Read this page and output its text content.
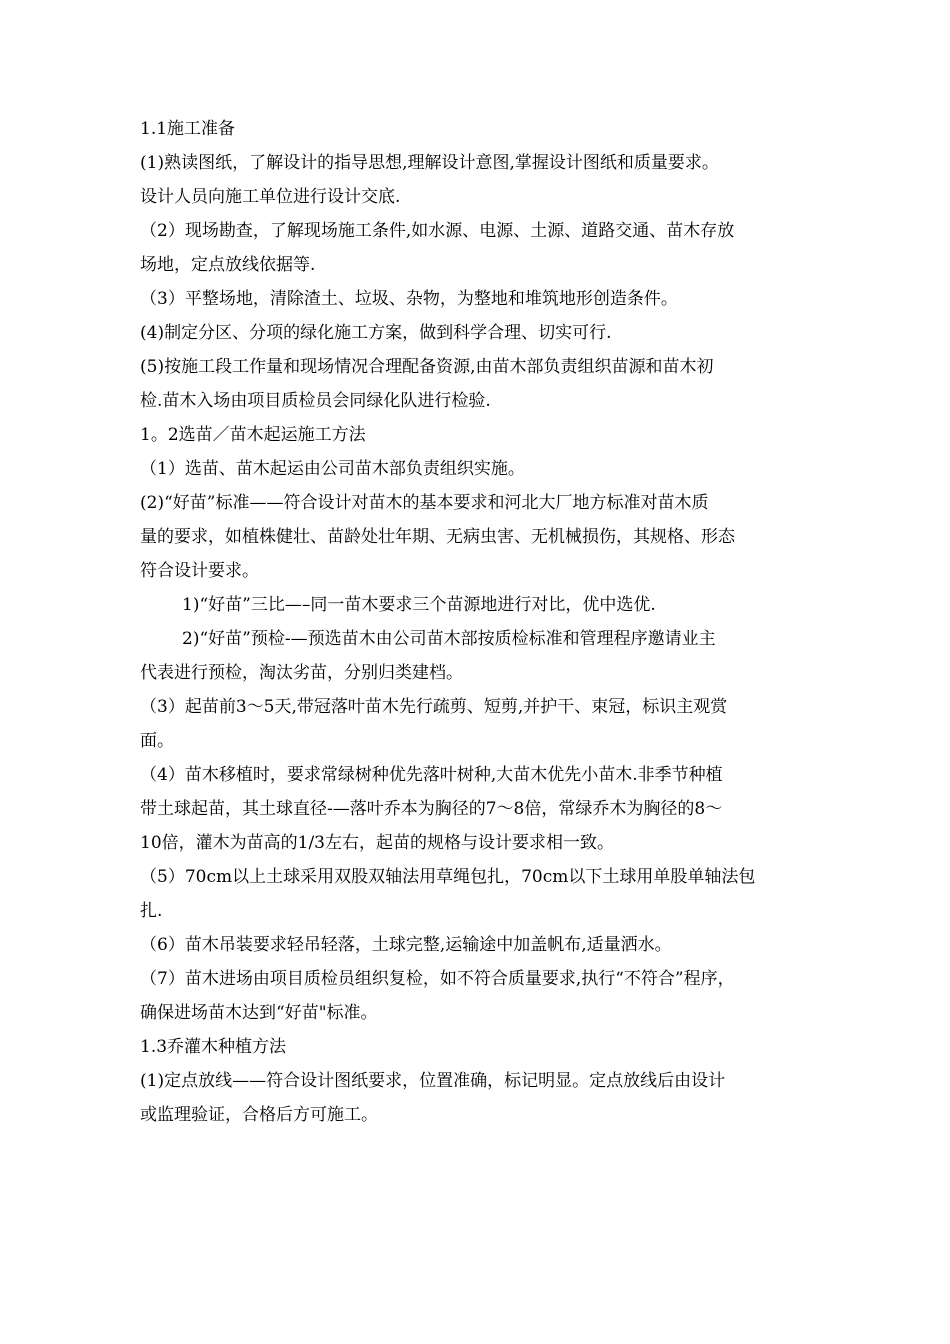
1.1施工准备
(1)熟读图纸，了解设计的指导思想,理解设计意图,掌握设计图纸和质量要求。
设计人员向施工单位进行设计交底.
（2）现场勘查，了解现场施工条件,如水源、电源、土源、道路交通、苗木存放
场地，定点放线依据等.
（3）平整场地，清除渣土、垃圾、杂物，为整地和堆筑地形创造条件。
(4)制定分区、分项的绿化施工方案，做到科学合理、切实可行.
(5)按施工段工作量和现场情况合理配备资源,由苗木部负责组织苗源和苗木初
检.苗木入场由项目质检员会同绿化队进行检验.
1。2选苗／苗木起运施工方法
（1）选苗、苗木起运由公司苗木部负责组织实施。
(2)“好苗”标准——符合设计对苗木的基本要求和河北大厂地方标准对苗木质
量的要求，如植株健壮、苗龄处壮年期、无病虫害、无机械损伤，其规格、形态
符合设计要求。
1)“好苗”三比—–同一苗木要求三个苗源地进行对比，优中选优.
2)“好苗”预检-—预选苗木由公司苗木部按质检标准和管理程序邀请业主
代表进行预检，淘汰劣苗，分别归类建档。
（3）起苗前3～5天,带冠落叶苗木先行疏剪、短剪,并护干、束冠，标识主观赏
面。
（4）苗木移植时，要求常绿树种优先落叶树种,大苗木优先小苗木.非季节种植
带土球起苗，其土球直径-—落叶乔本为胸径的7～8倍，常绿乔木为胸径的8～
10倍，灌木为苗高的1/3左右，起苗的规格与设计要求相一致。
（5）70cm以上土球采用双股双轴法用草绳包扎，70cm以下土球用单股单轴法包
扎.
（6）苗木吊装要求轻吊轻落，土球完整,运输途中加盖帆布,适量洒水。
（7）苗木进场由项目质检员组织复检，如不符合质量要求,执行“不符合”程序，
确保进场苗木达到“好苗"标准。
1.3乔灌木种植方法
(1)定点放线——符合设计图纸要求，位置准确，标记明显。定点放线后由设计
或监理验证，合格后方可施工。
